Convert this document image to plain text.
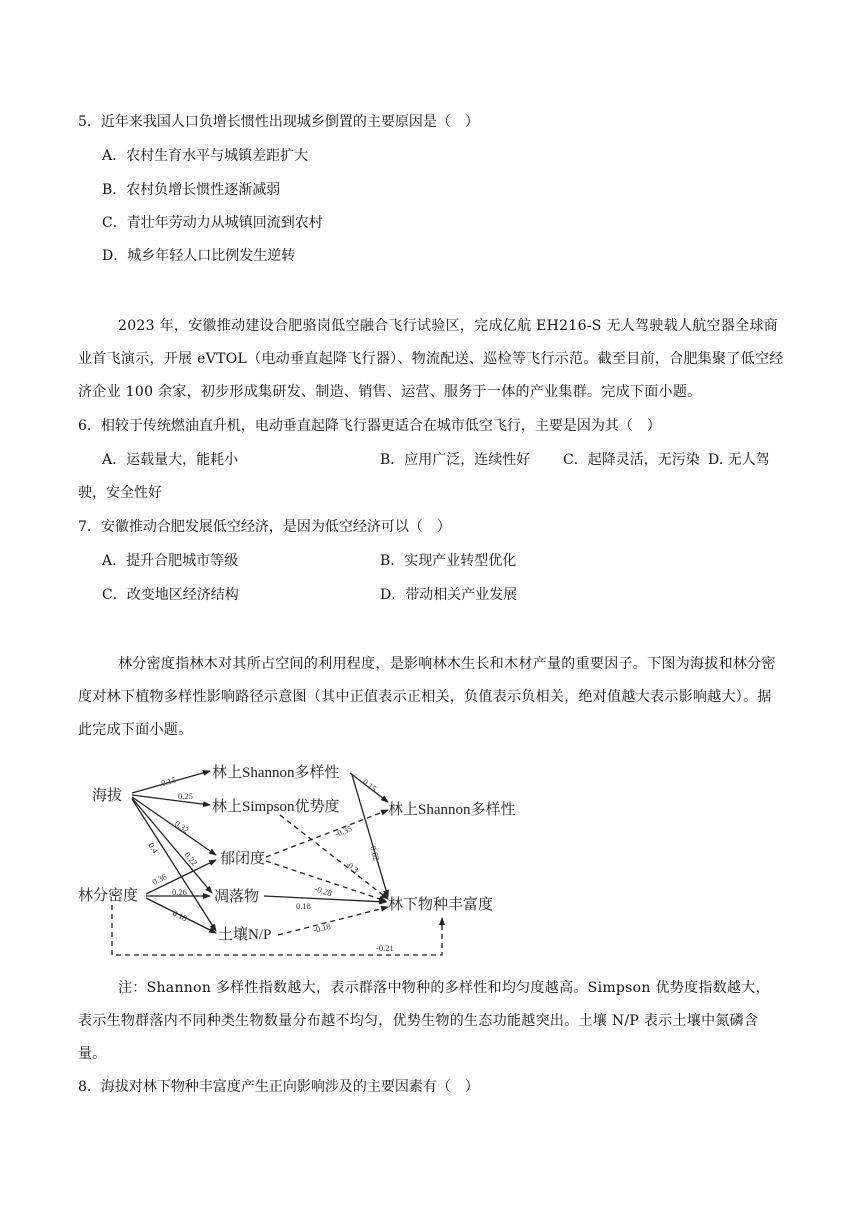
5．近年来我国人口负增长惯性出现城乡倒置的主要原因是（　）
A．农村生育水平与城镇差距扩大
B．农村负增长惯性逐渐减弱
C．青壮年劳动力从城镇回流到农村
D．城乡年轻人口比例发生逆转
2023 年，安徽推动建设合肥骆岗低空融合飞行试验区，完成亿航 EH216-S 无人驾驶载人航空器全球商业首飞演示，开展 eVTOL（电动垂直起降飞行器）、物流配送、巡检等飞行示范。截至目前，合肥集聚了低空经济企业 100 余家，初步形成集研发、制造、销售、运营、服务于一体的产业集群。完成下面小题。
6．相较于传统燃油直升机，电动垂直起降飞行器更适合在城市低空飞行，主要是因为其（　）
A．运载量大，能耗小	B．应用广泛，连续性好 C．起降灵活，无污染 D. 无人驾
驶，安全性好
7．安徽推动合肥发展低空经济，是因为低空经济可以（　）
A．提升合肥城市等级	B．实现产业转型优化
C．改变地区经济结构	D．带动相关产业发展
林分密度指林木对其所占空间的利用程度，是影响林木生长和木材产量的重要因子。下图为海拔和林分密度对林下植物多样性影响路径示意图（其中正值表示正相关，负值表示负相关，绝对值越大表示影响越大）。据此完成下面小题。
海拔
林分密度
林上Shannon多样性
林上Simpson优势度
郁闭度
凋落物
土壤N/P
林上Shannon多样性
林下物种丰富度
0.15
0.25
0.32
0.22
0.4
0.36
0.26
0.18
0.15
0.62
-0.3
-0.35
-0.28
0.18
-0.18
-0.21
注：Shannon 多样性指数越大，表示群落中物种的多样性和均匀度越高。Simpson 优势度指数越大，表示生物群落内不同种类生物数量分布越不均匀，优势生物的生态功能越突出。土壤 N/P 表示土壤中氮磷含量。
8．海拔对林下物种丰富度产生正向影响涉及的主要因素有（　）
